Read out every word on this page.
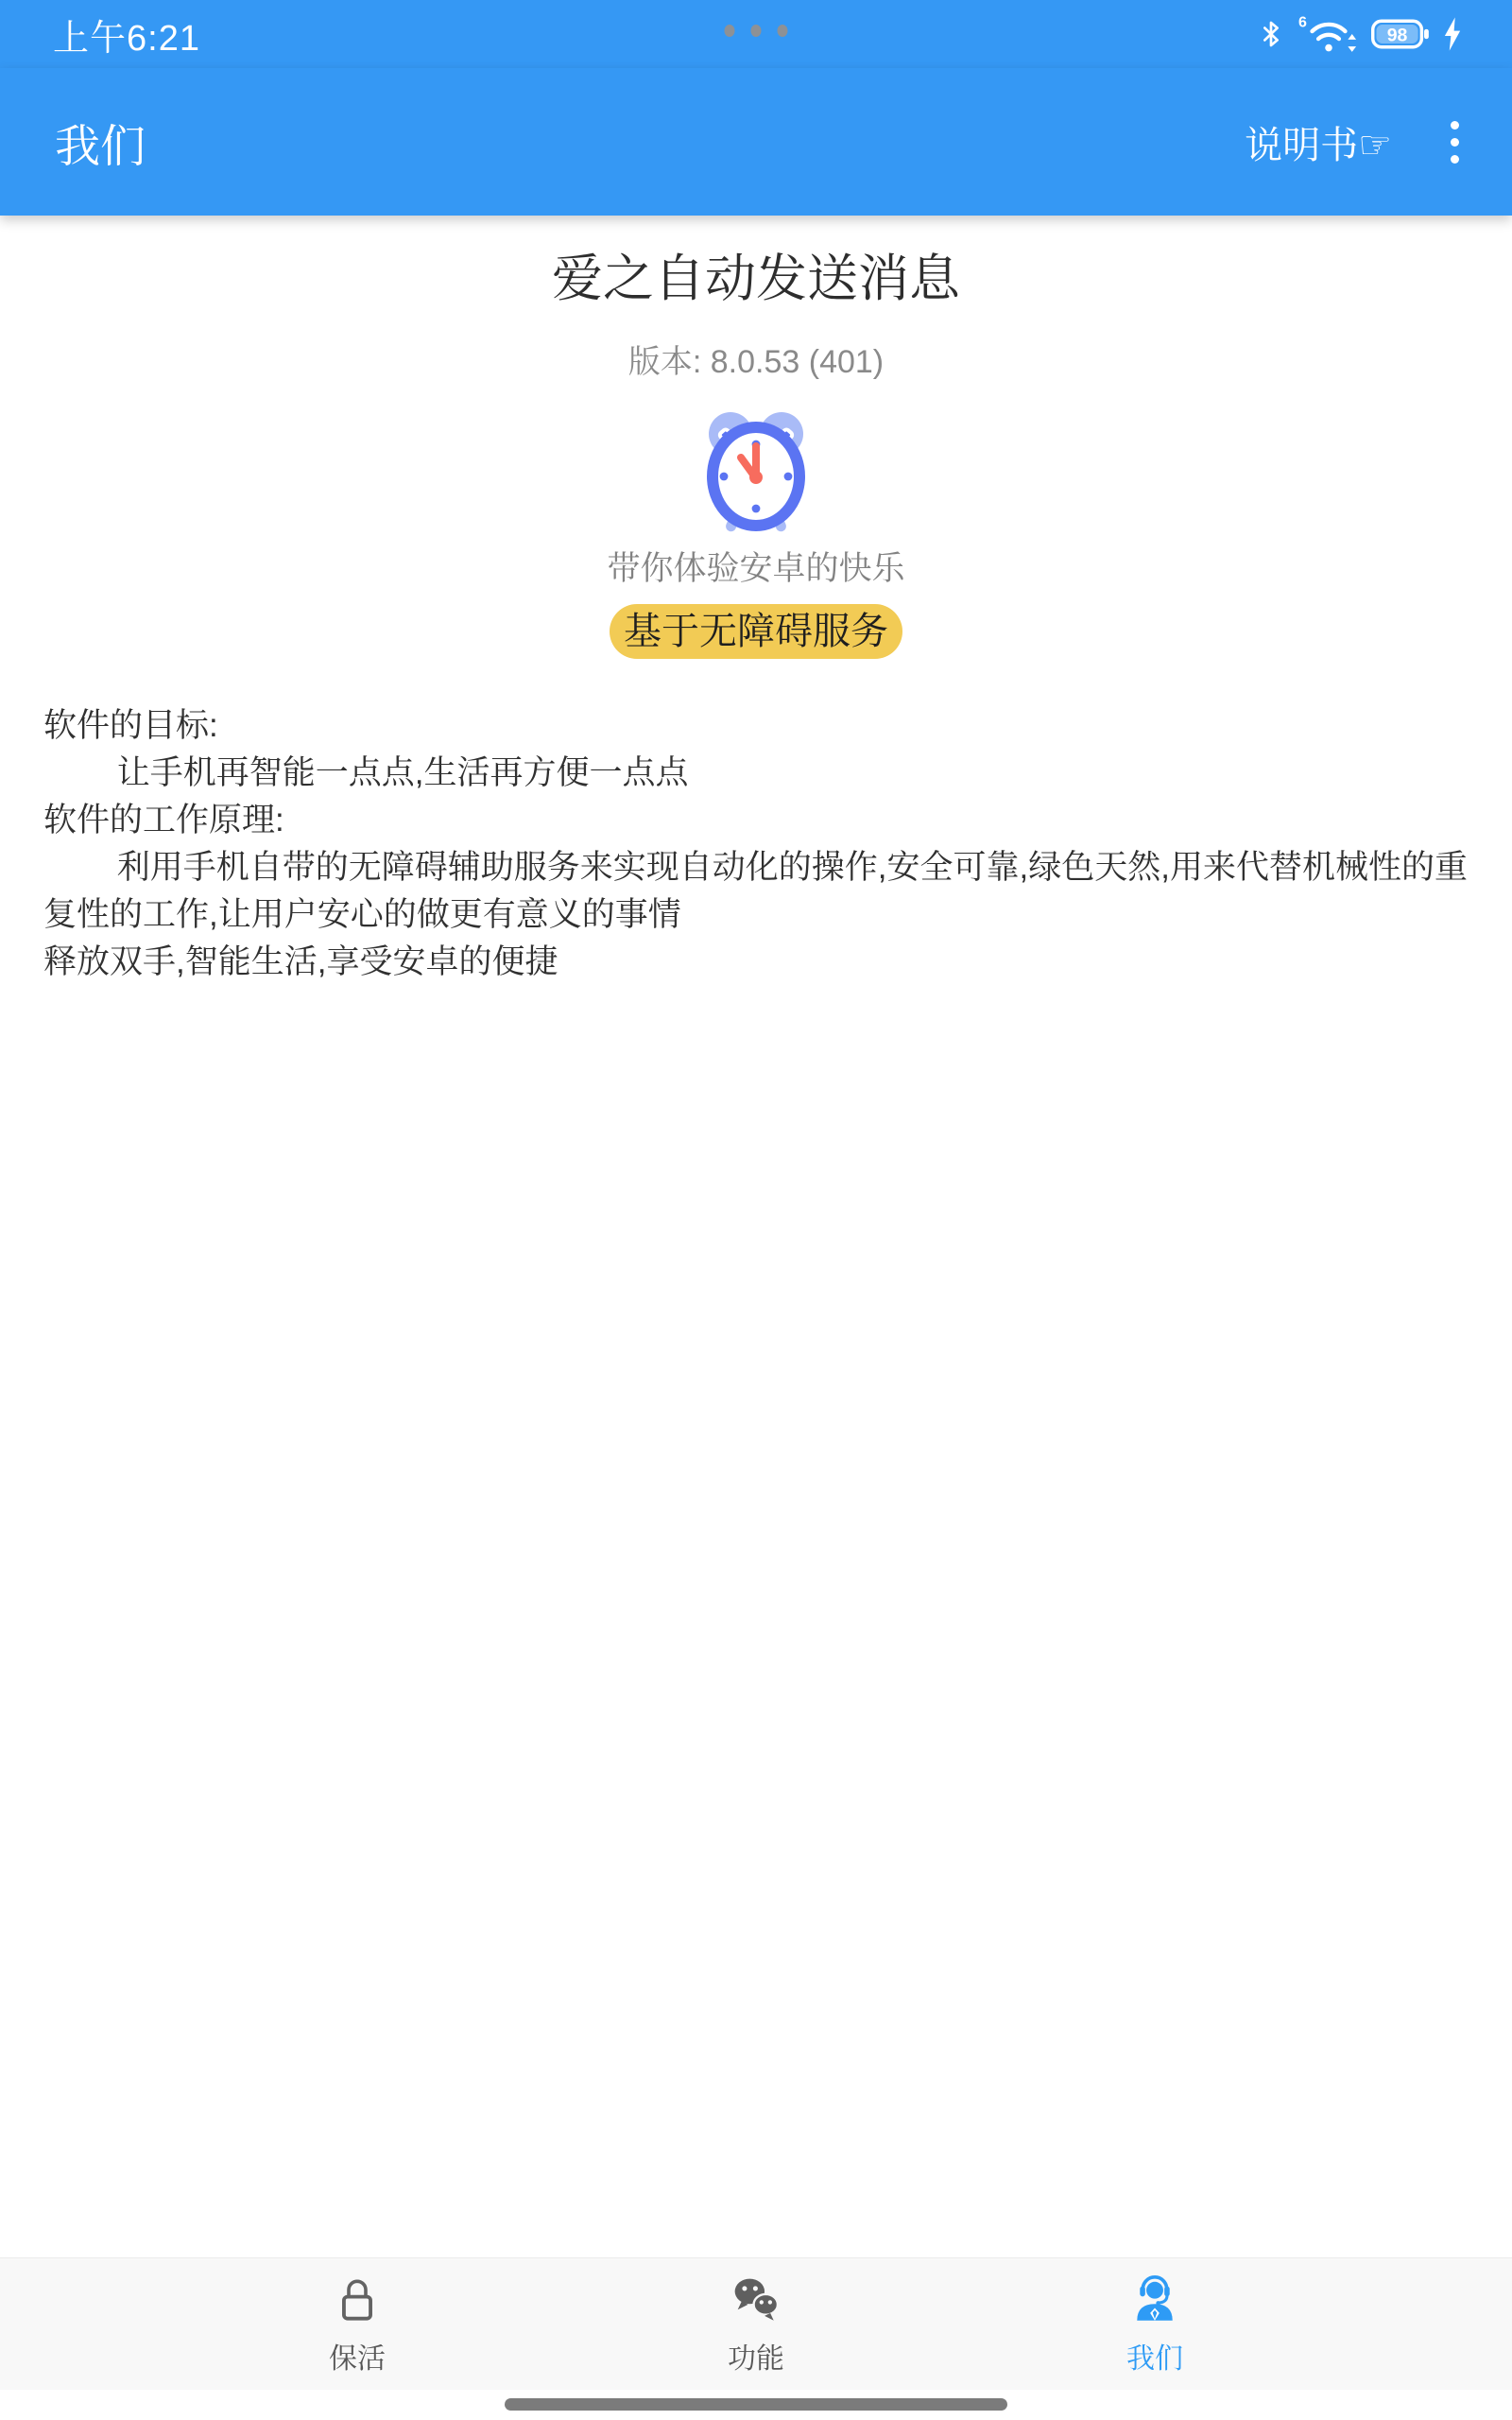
上午6:21	6
98
我们	说明书☞
爱之自动发送消息
版本: 8.0.53 (401)
带你体验安卓的快乐
基于无障碍服务

软件的目标:

让手机再智能一点点,生活再方便一点点

软件的工作原理:

利用手机自带的无障碍辅助服务来实现自动化的操作,安全可靠,绿色天然,用来代替机械性的重复性的工作,让用户安心的做更有意义的事情

释放双手,智能生活,享受安卓的便捷

保活	功能	我们
